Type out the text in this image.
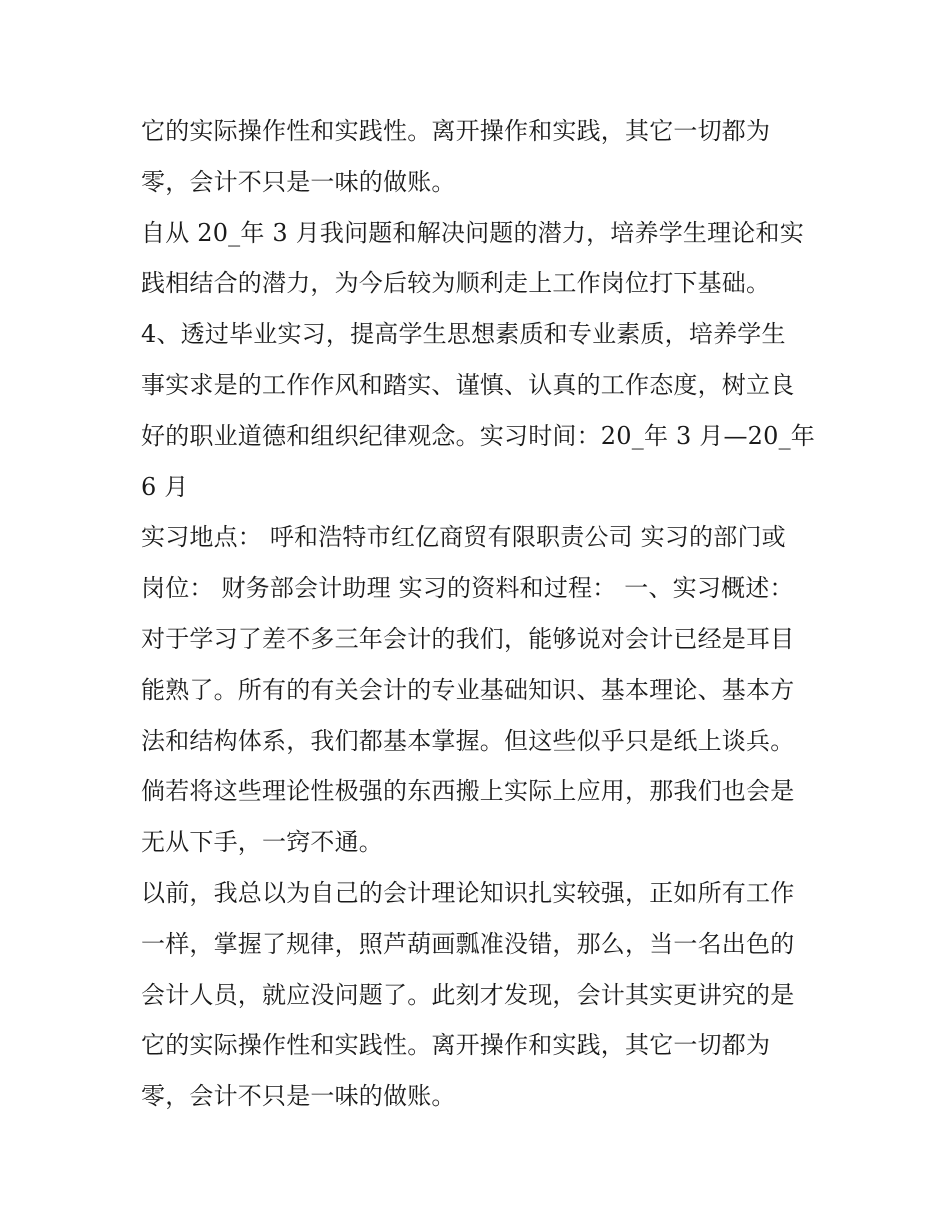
它的实际操作性和实践性。离开操作和实践，其它一切都为
零，会计不只是一味的做账。
自从 20_年 3 月我问题和解决问题的潜力，培养学生理论和实
践相结合的潜力，为今后较为顺利走上工作岗位打下基础。
4、透过毕业实习，提高学生思想素质和专业素质，培养学生
事实求是的工作作风和踏实、谨慎、认真的工作态度，树立良
好的职业道德和组织纪律观念。实习时间：20_年 3 月—20_年
6 月
实习地点： 呼和浩特市红亿商贸有限职责公司 实习的部门或
岗位： 财务部会计助理 实习的资料和过程： 一、实习概述：
对于学习了差不多三年会计的我们，能够说对会计已经是耳目
能熟了。所有的有关会计的专业基础知识、基本理论、基本方
法和结构体系，我们都基本掌握。但这些似乎只是纸上谈兵。
倘若将这些理论性极强的东西搬上实际上应用，那我们也会是
无从下手，一窍不通。
以前，我总以为自己的会计理论知识扎实较强，正如所有工作
一样，掌握了规律，照芦葫画瓢准没错，那么，当一名出色的
会计人员，就应没问题了。此刻才发现，会计其实更讲究的是
它的实际操作性和实践性。离开操作和实践，其它一切都为
零，会计不只是一味的做账。
